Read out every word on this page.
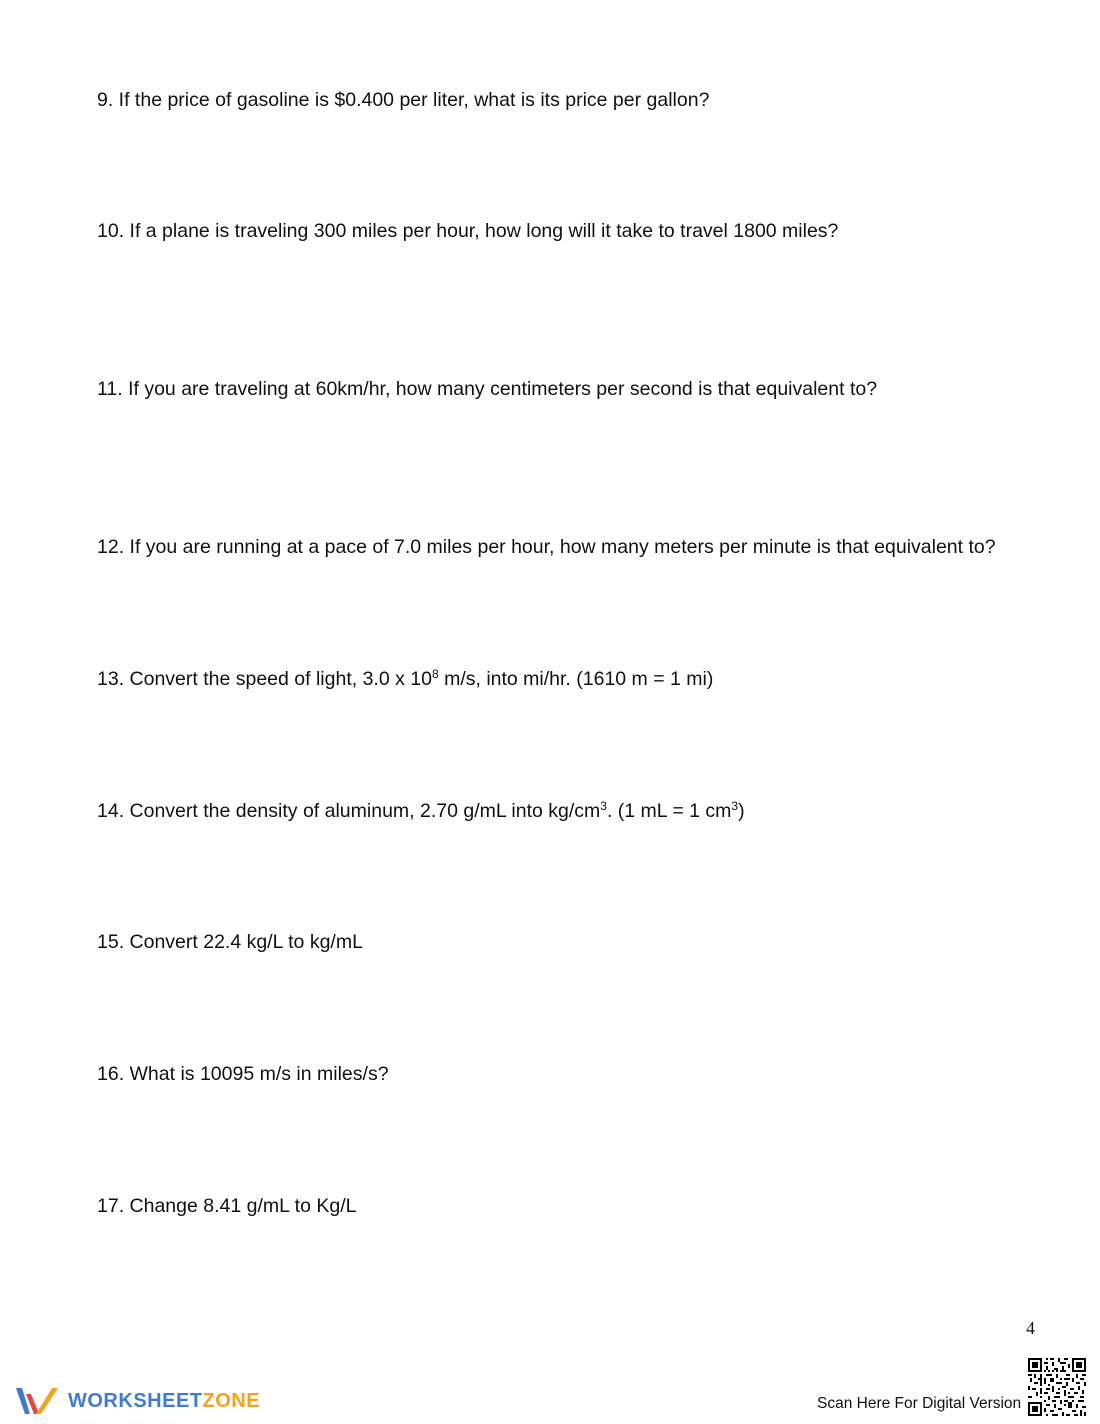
9. If the price of gasoline is $0.400 per liter, what is its price per gallon?
10. If a plane is traveling 300 miles per hour, how long will it take to travel 1800 miles?
11. If you are traveling at 60km/hr, how many centimeters per second is that equivalent to?
12. If you are running at a pace of 7.0 miles per hour, how many meters per minute is that equivalent to?
13. Convert the speed of light, 3.0 x $10^8$ m/s, into mi/hr. (1610 m = 1 mi)
14. Convert the density of aluminum, 2.70 g/mL into $kg/cm^3$. (1 mL = 1 $cm^3$)
15. Convert 22.4 kg/L to kg/mL
16. What is 10095 m/s in miles/s?
17. Change 8.41 g/mL to Kg/L
4
WORKSHEETZONE	Scan Here For Digital Version
